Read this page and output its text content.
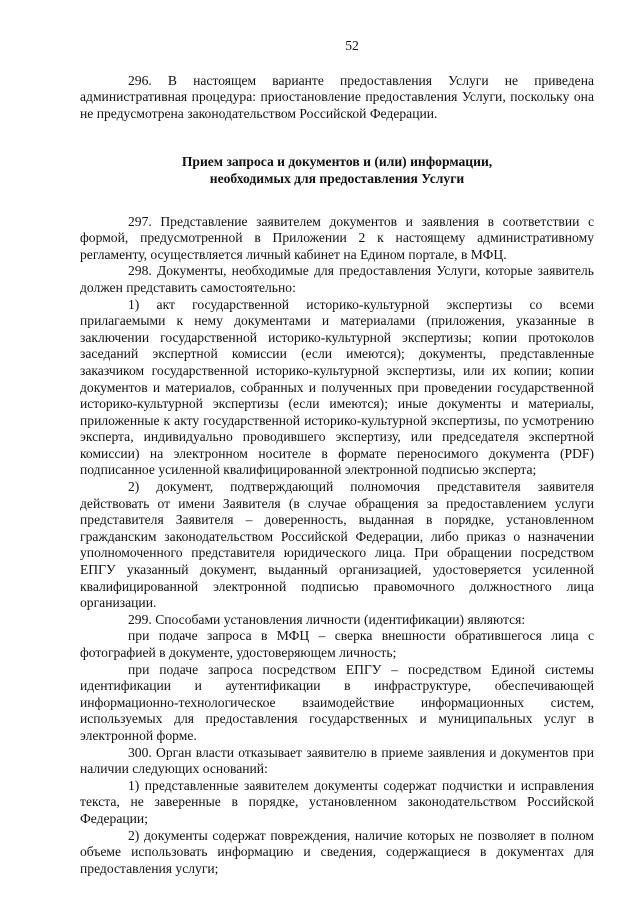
52

296. В настоящем варианте предоставления Услуги не приведена административная процедура: приостановление предоставления Услуги, поскольку она не предусмотрена законодательством Российской Федерации.

Прием запроса и документов и (или) информации,
необходимых для предоставления Услуги

297. Представление заявителем документов и заявления в соответствии с формой, предусмотренной в Приложении 2 к настоящему административному регламенту, осуществляется личный кабинет на Едином портале, в МФЦ.

298. Документы, необходимые для предоставления Услуги, которые заявитель должен представить самостоятельно:

1) акт государственной историко-культурной экспертизы со всеми прилагаемыми к нему документами и материалами (приложения, указанные в заключении государственной историко-культурной экспертизы; копии протоколов заседаний экспертной комиссии (если имеются); документы, представленные заказчиком государственной историко-культурной экспертизы, или их копии; копии документов и материалов, собранных и полученных при проведении государственной историко-культурной экспертизы (если имеются); иные документы и материалы, приложенные к акту государственной историко-культурной экспертизы, по усмотрению эксперта, индивидуально проводившего экспертизу, или председателя экспертной комиссии) на электронном носителе в формате переносимого документа (PDF) подписанное усиленной квалифицированной электронной подписью эксперта;

2) документ, подтверждающий полномочия представителя заявителя действовать от имени Заявителя (в случае обращения за предоставлением услуги представителя Заявителя – доверенность, выданная в порядке, установленном гражданским законодательством Российской Федерации, либо приказ о назначении уполномоченного представителя юридического лица. При обращении посредством ЕПГУ указанный документ, выданный организацией, удостоверяется усиленной квалифицированной электронной подписью правомочного должностного лица организации.

299. Способами установления личности (идентификации) являются:

при подаче запроса в МФЦ – сверка внешности обратившегося лица с фотографией в документе, удостоверяющем личность;

при подаче запроса посредством ЕПГУ – посредством Единой системы идентификации и аутентификации в инфраструктуре, обеспечивающей информационно-технологическое взаимодействие информационных систем, используемых для предоставления государственных и муниципальных услуг в электронной форме.

300. Орган власти отказывает заявителю в приеме заявления и документов при наличии следующих оснований:

1) представленные заявителем документы содержат подчистки и исправления текста, не заверенные в порядке, установленном законодательством Российской Федерации;

2) документы содержат повреждения, наличие которых не позволяет в полном объеме использовать информацию и сведения, содержащиеся в документах для предоставления услуги;
